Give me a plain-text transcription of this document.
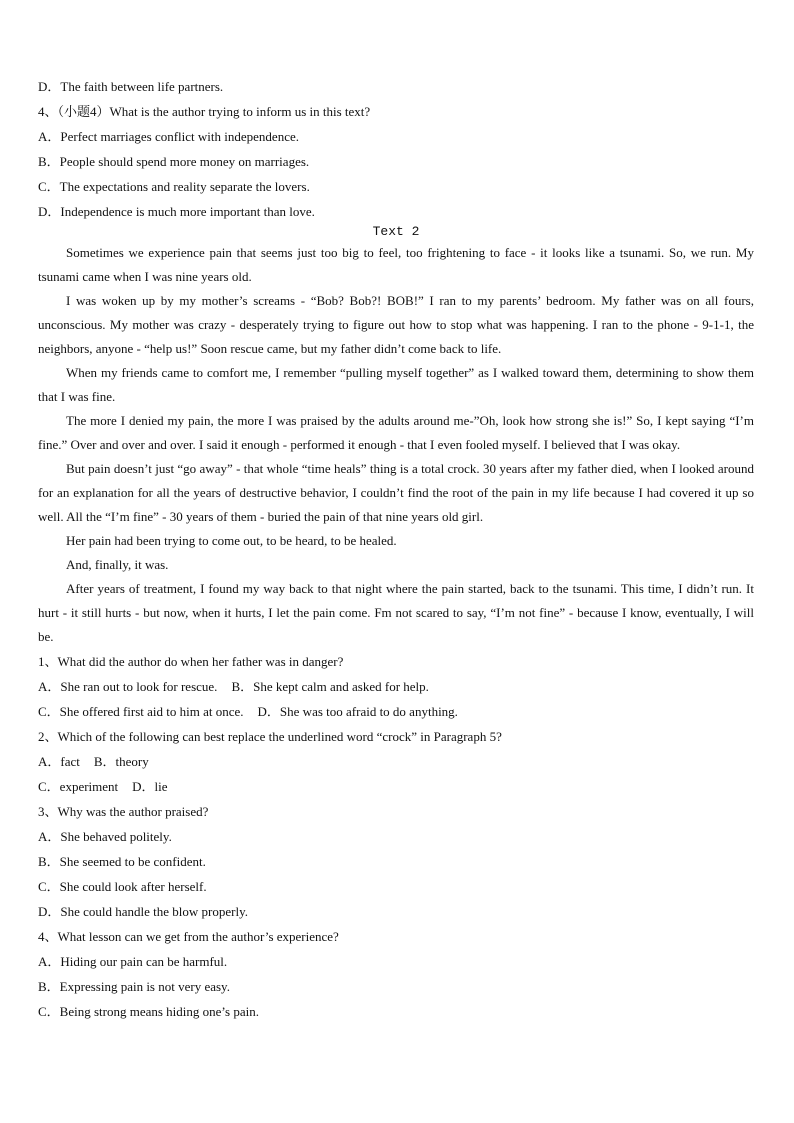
D．The faith between life partners.
4、（小题4）What is the author trying to inform us in this text?
A．Perfect marriages conflict with independence.
B．People should spend more money on marriages.
C．The expectations and reality separate the lovers.
D．Independence is much more important than love.
Text 2

Sometimes we experience pain that seems just too big to feel, too frightening to face - it looks like a tsunami. So, we run. My tsunami came when I was nine years old.

I was woken up by my mother’s screams - “Bob? Bob?! BOB!” I ran to my parents’ bedroom. My father was on all fours, unconscious. My mother was crazy - desperately trying to figure out how to stop what was happening. I ran to the phone - 9-1-1, the neighbors, anyone - “help us!” Soon rescue came, but my father didn’t come back to life.

When my friends came to comfort me, I remember “pulling myself together” as I walked toward them, determining to show them that I was fine.

The more I denied my pain, the more I was praised by the adults around me-”Oh, look how strong she is!” So, I kept saying “I’m fine.” Over and over and over. I said it enough - performed it enough - that I even fooled myself. I believed that I was okay.

But pain doesn’t just “go away” - that whole “time heals” thing is a total crock. 30 years after my father died, when I looked around for an explanation for all the years of destructive behavior, I couldn’t find the root of the pain in my life because I had covered it up so well. All the “I’m fine” - 30 years of them - buried the pain of that nine years old girl.

Her pain had been trying to come out, to be heard, to be healed.

And, finally, it was.

After years of treatment, I found my way back to that night where the pain started, back to the tsunami. This time, I didn’t run. It hurt - it still hurts - but now, when it hurts, I let the pain come. Fm not scared to say, “I’m not fine” - because I know, eventually, I will be.

1、What did the author do when her father was in danger?
A．She ran out to look for rescue. B．She kept calm and asked for help.
C．She offered first aid to him at once. D．She was too afraid to do anything.
2、Which of the following can best replace the underlined word “crock” in Paragraph 5?
A．fact B．theory
C．experiment D．lie
3、Why was the author praised?
A．She behaved politely.
B．She seemed to be confident.
C．She could look after herself.
D．She could handle the blow properly.
4、What lesson can we get from the author’s experience?
A．Hiding our pain can be harmful.
B．Expressing pain is not very easy.
C．Being strong means hiding one’s pain.
